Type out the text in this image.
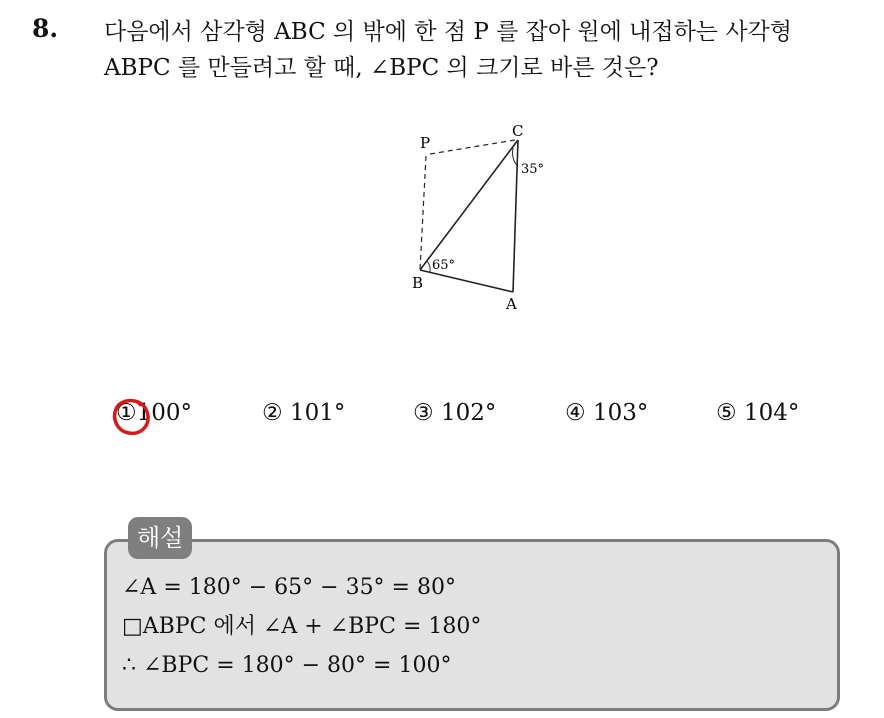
8. 다음에서 삼각형 ABC 의 밖에 한 점 P 를 잡아 원에 내접하는 사각형
ABPC 를 만들려고 할 때, ∠BPC 의 크기로 바른 것은?
P
C
B
A
35°
65°
①100°	② 101°	③ 102°	④ 103°	⑤ 104°
해설
∠A = 180° − 65° − 35° = 80°
□ABPC 에서 ∠A + ∠BPC = 180°
∴ ∠BPC = 180° − 80° = 100°
